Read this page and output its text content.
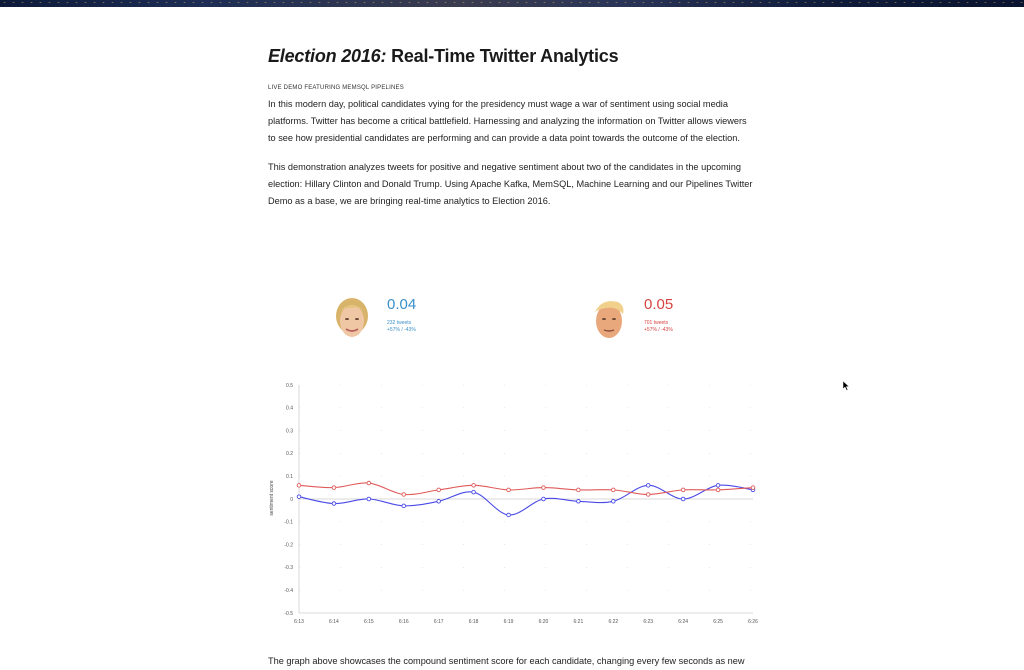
Election 2016: Real-Time Twitter Analytics

LIVE DEMO FEATURING MEMSQL PIPELINES

In this modern day, political candidates vying for the presidency must wage a war of sentiment using social media platforms. Twitter has become a critical battlefield. Harnessing and analyzing the information on Twitter allows viewers to see how presidential candidates are performing and can provide a data point towards the outcome of the election.

This demonstration analyzes tweets for positive and negative sentiment about two of the candidates in the upcoming election: Hillary Clinton and Donald Trump. Using Apache Kafka, MemSQL, Machine Learning and our Pipelines Twitter Demo as a base, we are bringing real-time analytics to Election 2016.

0.04
232 tweets
+57% / -43%
0.05
701 tweets
+57% / -43%
0.5
0.4
0.3
0.2
0.1
0
-0.1
-0.2
-0.3
-0.4
-0.5
6:13	6:14	6:15	6:16	6:17	6:18	6:19	6:20	6:21	6:22	6:23	6:24	6:25	6:26
sentiment score

The graph above showcases the compound sentiment score for each candidate, changing every few seconds as new
